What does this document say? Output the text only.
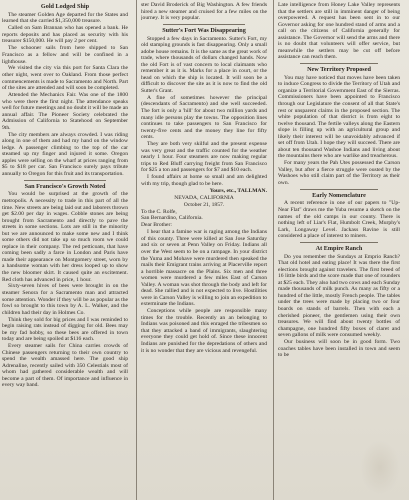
Gold Lodged Ship

The steamer Golden Age departed for the States and learned that she carried $1,350,000 treasure.

Called on Sam Brannan who has opened a bank. He reports deposits and has placed as security with his treasurer $150,000. He will pay 2 per cent.

The schooner sails from here shipped to San Francisco as a fellow and will be confined in a lighthouse.

We visited the city via this port for Santa Clara the other night, went over to Oakland. From those perfect commencements is made to Sacramento and North. Part of the sites are attended and will soon be completed.

Attended the Mechanics Fair. Was one of the 1800 who were there the first night. The attendance speaks well for future meetings and no doubt it will be made an annual affair. The Pioneer Society celebrated the Admission of California to Statehood on September 9th.

The city members are always crowded. I was riding along in one of them and had my hand on the window ledge. A passenger climbing to the top of the car steamed up my finger and injured it some. Oregon apples were selling on the wharf at prices ranging from $5 to $18 per car. San Francisco surely pays tribute annually to Oregon for this fruit and its transportation.

San Francisco's Growth Noted

You would be surprised at the growth of the metropolis. A necessity to trade in this part of all the time. New streets are being laid out and laborers thrown get $2.00 per day in wages. Cobble stones are being brought from Sacramento and directly to pave the streets in some sections. Lots are still in the minority but we are announced to make some new and I think some others did not take up so much room we could replace in their company. The red petticoats, that have coming been sadly a farce in London and Paris have made their appearance on Montgomery street, worn by a handsome woman with her dress looped up to show the new bloomer skirt. It caused quite an excitement. Red cloth has advanced in price, 1 hour.

Sixty-seven hives of bees were brought in on the steamer Senora for a Sacramento man and attracted some attention. Wonder if they will be as popular as the fowl so brought to this town by A. L. Walker, and the children had their day in Holmes Co.

Think they sold for big prices and I was reminded to begin raising rats instead of digging for old. Bees may be my fad hobby, so these bees are offered in town today and are being spoiled at $116 each.

Every steamer sails for China carries crowds of Chinese passengers returning to their own country to spend the wealth amassed here. The good ship Adrenaline, recently sailed with 350 Celestials most of whom had gathered considerable wealth and will become a part of them. Of importance and influence in every way band.

ster David Broderick of Big Washington. A few friends hired a new steamer and cruised for a few miles on the journey. It is very popular.

Sutter's Fort Was Disappearing

Stopped a few days in Sacramento. Sutter's Fort, my old stamping grounds is fast disappearing. Only a small adobe house remains. It is the same as the great work of trade, where thousands of dollars changed hands. Now the old Fort is of vast concern to local claimants who remember it as it is. Marks for a place in court, or the head on which the ship is located. It will soon be a difficult to discover the site as it is now to find the old Sutter's Grant.

A fine of sometimes however the principal (descendants of Sacramento) and she well succeeded. The fort is only a 'hill' for about two million yards and many idle persons play the towns. The opposition lines continues to take passengers to San Francisco for twenty-five cents and the money they line for fifty cents.

They are both very skilful and the present expense was very great and the traffic counted for the weather nearly 1 hour. Four steamers are now making regular trips to Red Bluff carrying freight from San Francisco for $25 a ton and passengers for $7 and $10 each.

I found affairs at home so small and am delighted with my trip, though glad to be here.

Yours, etc., TALLMAN.

NEVADA, CALIFORNIA

October 21, 1857.

To the C. Rolfe,

San Bernardino, California.

Dear Brother:

I hear that a famine war is raging among the Indians of this county. Three were killed at San Jose Saturday and six or seven at Penn Valley on Friday. Indians all over the West seem to be on a rampage. In your district the Yuma and Mohave were murdered then speaked the mails their Emigrant trains arriving at Placerville report a horrible massacre on the Plains. Six men and three women were murdered a few miles East of Carson Valley. A woman was shot through the body and left for dead. She rallied and is not expected to live. Hostilities were in Carson Valley is willing to join an expedition to exterminate the Indians.

Conceptions while people are responsible many times for the trouble. Recently an an belonging to Indians was poisoned and this enraged the tribesmen so that they attacked a band of immigrants, slaughtering everyone they could get hold of. Since these innocent Indians are punished for the depredations of others and it is no wonder that they are vicious and revengeful.

Late intelligence from Honey Lake Valley represents that the settlers are still in imminent danger of being overpowered. A request has been sent in to our Governor asking for one hundred stand of arms and a call on the citizens of California generally for assistance. The Governor will send the arms and there is no doubt that volunteers will offer service, but meanwhile the settlers may be cut off before assistance can reach them.

New Territory Proposed

You may have noticed that moves have been taken to induce Congress to divide the Territory of Utah and organize a Territorial Government East of the Sierras. Commissioners have been appointed to Francisco through our Legislature the consent of all that State's rest or unsparent claims in the proposed section. The white population of that district is from eight to twelve thousand. The fertile valleys along the Eastern slope is filling up with an agricultural group and likely their interest will be unavoidably advanced if set off from Utah. I hope they will succeed. There are about ten thousand Washoe Indians and living about the mountains there who are warlike and treacherous.

For many years the Pah Utes possessed the Carson Valley, but after a fierce struggle were ousted by the Washoes who still claim part of the Territory as their own.

Early Nomenclature

A recent reference in one of our papers to "Up-Near Flat" draws me the Yuba resume a sketch on the names of the old camps in our county. There is nothing left of Liar's Flat, Humbolt Creek, Murphy's Lark, Longaway Level. Jackass Ravine is still considered a place of interest to miners.

At Empire Ranch

Do you remember the Sundays at Emprio Ranch? That old hotel and eating place! It was there the first elections brought against travelers. The first breed of 16 little birds and the score made that one of rounders at $25 each. They also had two cows and each Sunday made thousands of milk punch. As many as fifty or a hundred of the little, mostly French people. The tables under the trees were made by placing two or four boards on stands of barrels. Then with each a cherished pioneer, the gentlemen using their own treasures. We will find about twenty bottles of champagne, one hundred fifty boxes of claret and seven gallons of milk were consumed weekly.

Our business will soon be in good form. Two coaches tables have been installed in town and seem to be
